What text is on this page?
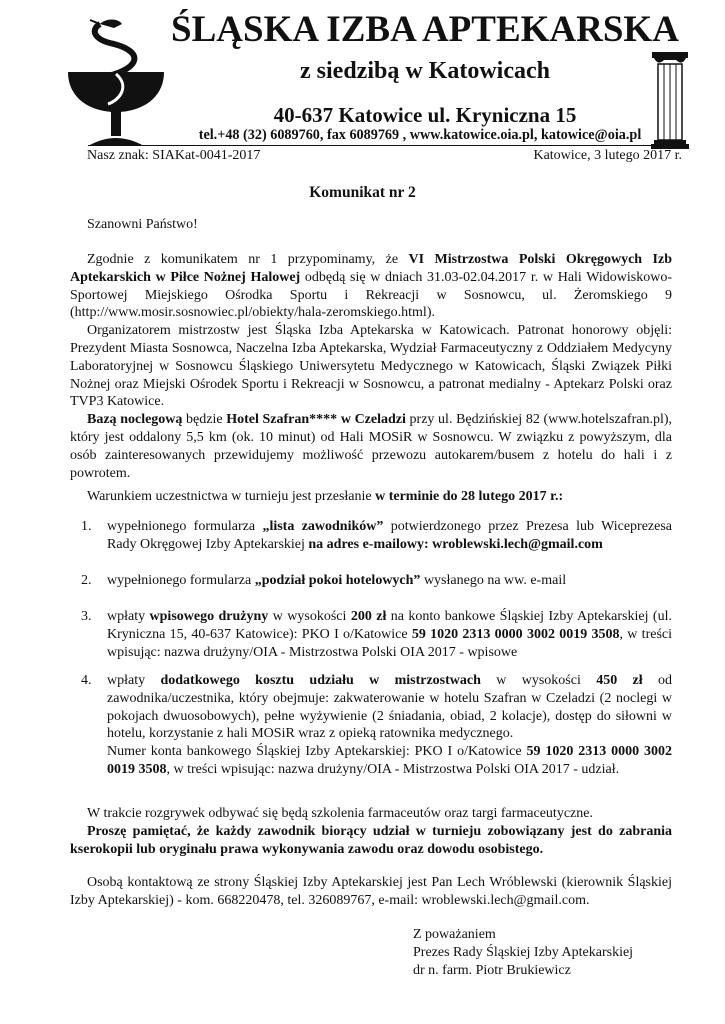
ŚLĄSKA IZBA APTEKARSKA
z siedzibą w Katowicach
40-637 Katowice ul. Kryniczna 15
tel.+48 (32) 6089760, fax 6089769 , www.katowice.oia.pl, katowice@oia.pl
Nasz znak: SIAKat-0041-2017	Katowice, 3 lutego 2017 r.
Komunikat nr 2

Szanowni Państwo!

Zgodnie z komunikatem nr 1 przypominamy, że VI Mistrzostwa Polski Okręgowych Izb Aptekarskich w Piłce Nożnej Halowej odbędą się w dniach 31.03-02.04.2017 r. w Hali Widowiskowo-Sportowej Miejskiego Ośrodka Sportu i Rekreacji w Sosnowcu, ul. Żeromskiego 9 (http://www.mosir.sosnowiec.pl/obiekty/hala-zeromskiego.html).

Organizatorem mistrzostw jest Śląska Izba Aptekarska w Katowicach. Patronat honorowy objęli: Prezydent Miasta Sosnowca, Naczelna Izba Aptekarska, Wydział Farmaceutyczny z Oddziałem Medycyny Laboratoryjnej w Sosnowcu Śląskiego Uniwersytetu Medycznego w Katowicach, Śląski Związek Piłki Nożnej oraz Miejski Ośrodek Sportu i Rekreacji w Sosnowcu, a patronat medialny - Aptekarz Polski oraz TVP3 Katowice.

Bazą noclegową będzie Hotel Szafran**** w Czeladzi przy ul. Będzińskiej 82 (www.hotelszafran.pl), który jest oddalony 5,5 km (ok. 10 minut) od Hali MOSiR w Sosnowcu. W związku z powyższym, dla osób zainteresowanych przewidujemy możliwość przewozu autokarem/busem z hotelu do hali i z powrotem.

Warunkiem uczestnictwa w turnieju jest przesłanie w terminie do 28 lutego 2017 r.:

1. wypełnionego formularza „lista zawodników” potwierdzonego przez Prezesa lub Wiceprezesa Rady Okręgowej Izby Aptekarskiej na adres e-mailowy: wroblewski.lech@gmail.com
2. wypełnionego formularza „podział pokoi hotelowych” wysłanego na ww. e-mail
3. wpłaty wpisowego drużyny w wysokości 200 zł na konto bankowe Śląskiej Izby Aptekarskiej (ul. Kryniczna 15, 40-637 Katowice): PKO I o/Katowice 59 1020 2313 0000 3002 0019 3508, w treści wpisując: nazwa drużyny/OIA - Mistrzostwa Polski OIA 2017 - wpisowe
4. wpłaty dodatkowego kosztu udziału w mistrzostwach w wysokości 450 zł od zawodnika/uczestnika, który obejmuje: zakwaterowanie w hotelu Szafran w Czeladzi (2 noclegi w pokojach dwuosobowych), pełne wyżywienie (2 śniadania, obiad, 2 kolacje), dostęp do siłowni w hotelu, korzystanie z hali MOSiR wraz z opieką ratownika medycznego.
Numer konta bankowego Śląskiej Izby Aptekarskiej: PKO I o/Katowice 59 1020 2313 0000 3002 0019 3508, w treści wpisując: nazwa drużyny/OIA - Mistrzostwa Polski OIA 2017 - udział.

W trakcie rozgrywek odbywać się będą szkolenia farmaceutów oraz targi farmaceutyczne.

Proszę pamiętać, że każdy zawodnik biorący udział w turnieju zobowiązany jest do zabrania kserokopii lub oryginału prawa wykonywania zawodu oraz dowodu osobistego.

Osobą kontaktową ze strony Śląskiej Izby Aptekarskiej jest Pan Lech Wróblewski (kierownik Śląskiej Izby Aptekarskiej) - kom. 668220478, tel. 326089767, e-mail: wroblewski.lech@gmail.com.

Z poważaniem
Prezes Rady Śląskiej Izby Aptekarskiej
dr n. farm. Piotr Brukiewicz
